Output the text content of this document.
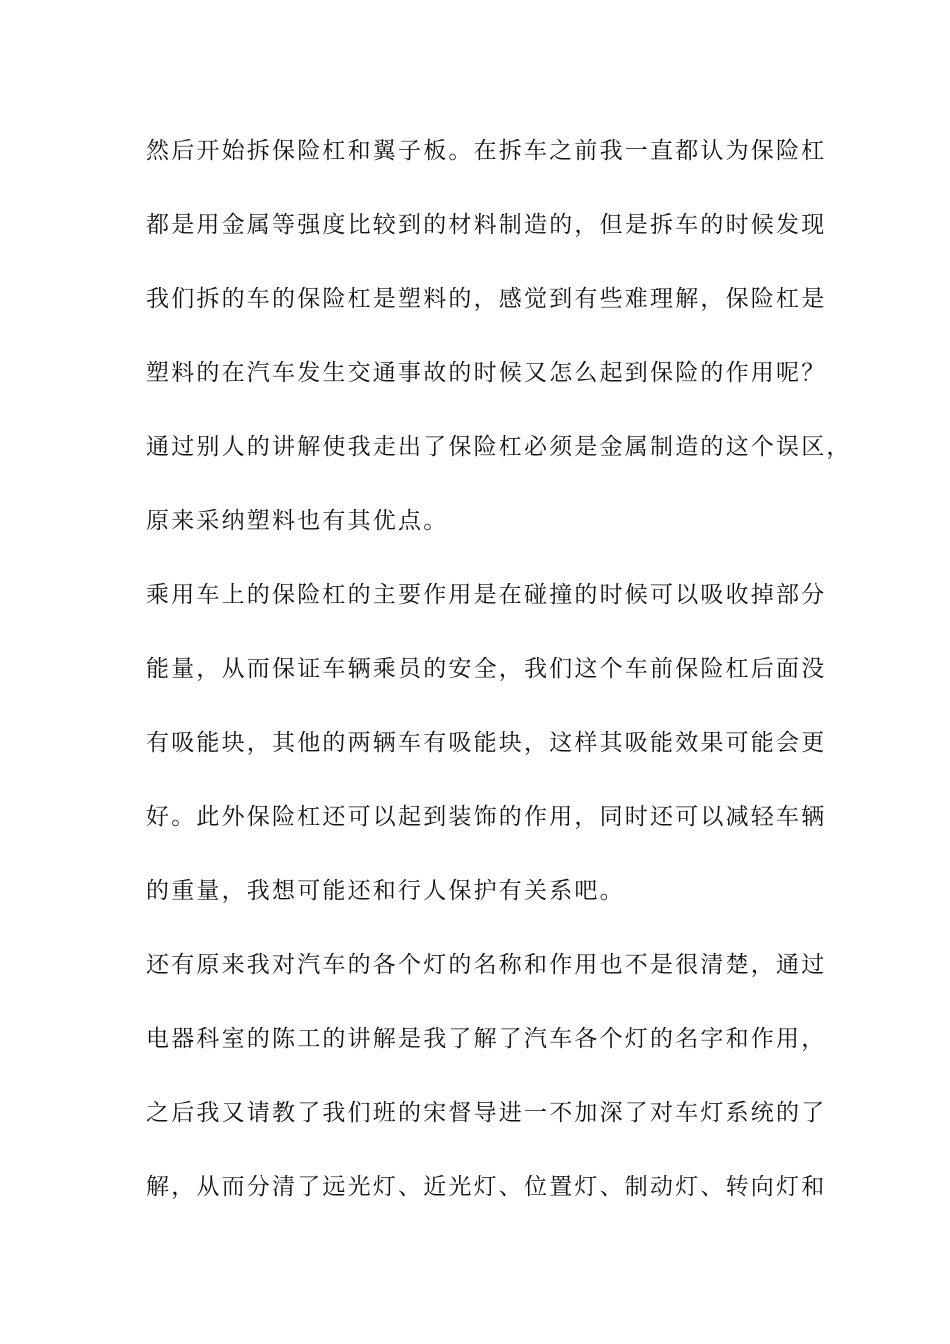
然后开始拆保险杠和翼子板。在拆车之前我一直都认为保险杠
都是用金属等强度比较到的材料制造的，但是拆车的时候发现
我们拆的车的保险杠是塑料的，感觉到有些难理解，保险杠是
塑料的在汽车发生交通事故的时候又怎么起到保险的作用呢？
通过别人的讲解使我走出了保险杠必须是金属制造的这个误区，
原来采纳塑料也有其优点。
乘用车上的保险杠的主要作用是在碰撞的时候可以吸收掉部分
能量，从而保证车辆乘员的安全，我们这个车前保险杠后面没
有吸能块，其他的两辆车有吸能块，这样其吸能效果可能会更
好。此外保险杠还可以起到装饰的作用，同时还可以减轻车辆
的重量，我想可能还和行人保护有关系吧。
还有原来我对汽车的各个灯的名称和作用也不是很清楚，通过
电器科室的陈工的讲解是我了解了汽车各个灯的名字和作用，
之后我又请教了我们班的宋督导进一不加深了对车灯系统的了
解，从而分清了远光灯、近光灯、位置灯、制动灯、转向灯和
